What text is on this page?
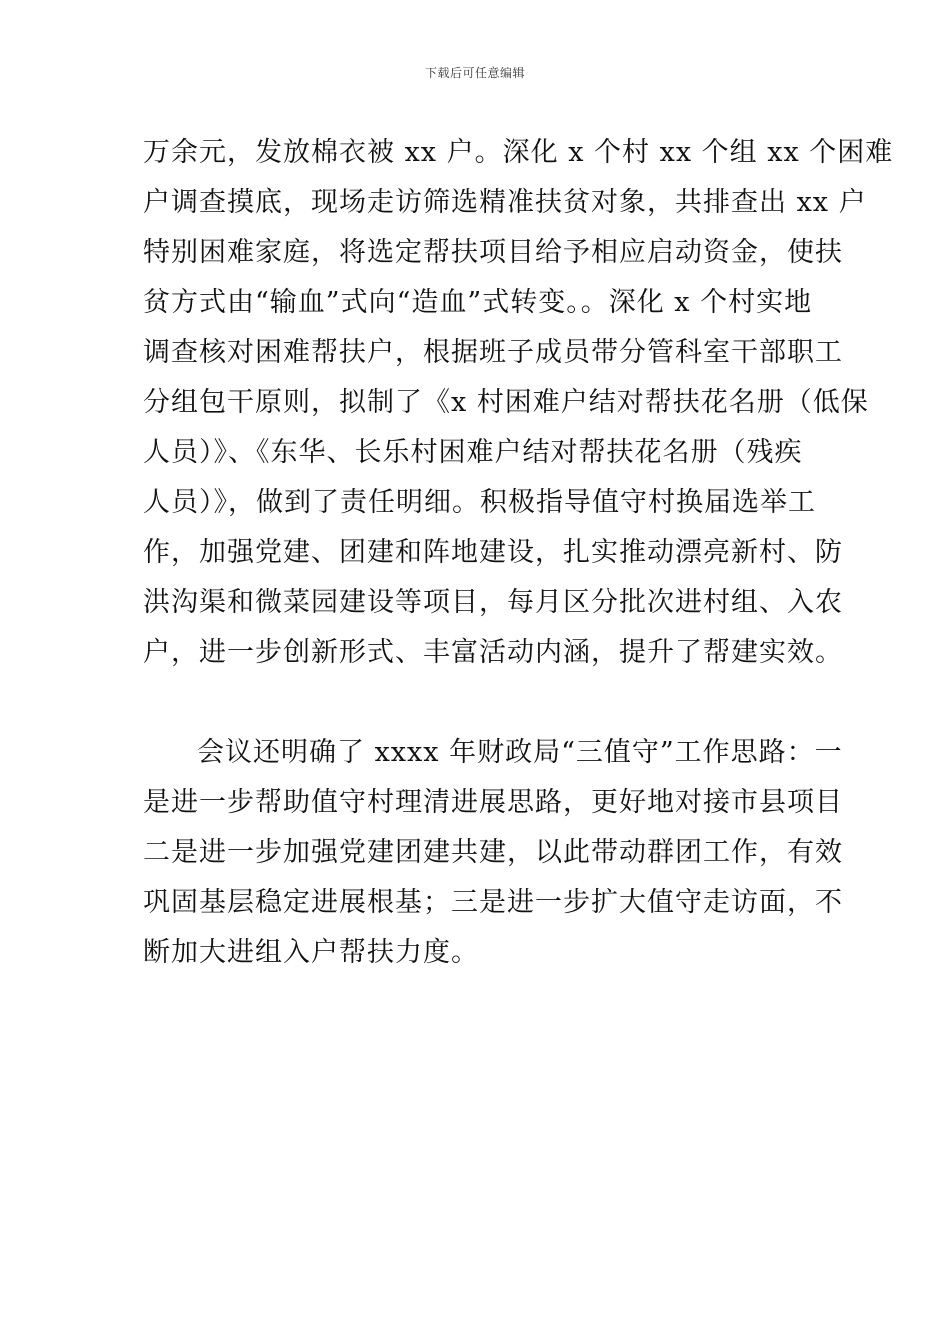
下载后可任意编辑
万余元，发放棉衣被 xx 户。深化 x 个村 xx 个组 xx 个困难
户调查摸底，现场走访筛选精准扶贫对象，共排查出 xx 户
特别困难家庭，将选定帮扶项目给予相应启动资金，使扶
贫方式由“输血”式向“造血”式转变。。深化 x 个村实地
调查核对困难帮扶户，根据班子成员带分管科室干部职工
分组包干原则，拟制了《x 村困难户结对帮扶花名册（低保
人员）》、《东华、长乐村困难户结对帮扶花名册（残疾
人员）》，做到了责任明细。积极指导值守村换届选举工
作，加强党建、团建和阵地建设，扎实推动漂亮新村、防
洪沟渠和微菜园建设等项目，每月区分批次进村组、入农
户，进一步创新形式、丰富活动内涵，提升了帮建实效。
会议还明确了 xxxx 年财政局“三值守”工作思路：一
是进一步帮助值守村理清进展思路，更好地对接市县项目
二是进一步加强党建团建共建，以此带动群团工作，有效
巩固基层稳定进展根基；三是进一步扩大值守走访面，不
断加大进组入户帮扶力度。
